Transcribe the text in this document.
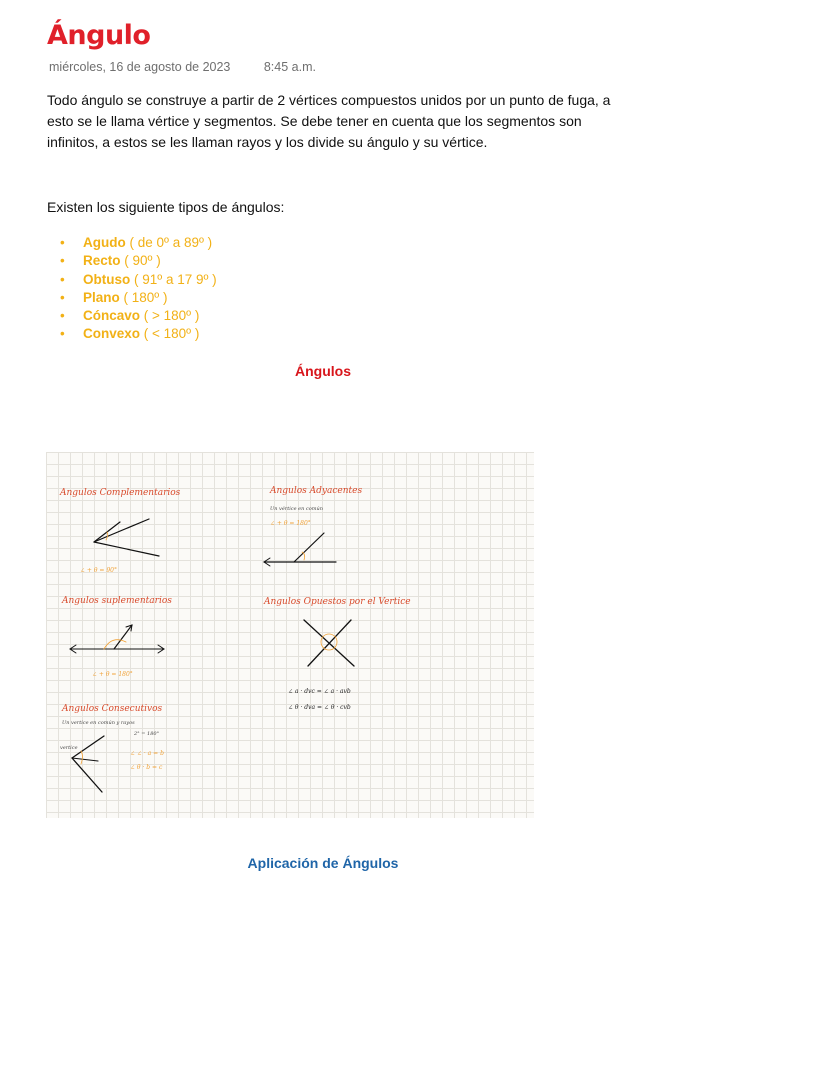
Ángulo
miércoles, 16 de agosto de 2023	8:45 a.m.

Todo ángulo se construye a partir de 2 vértices compuestos unidos por un punto de fuga, a esto se le llama vértice y segmentos. Se debe tener en cuenta que los segmentos son infinitos, a estos se les llaman rayos y los divide su ángulo y su vértice.

Existen los siguiente tipos de ángulos:
• Agudo ( de 0º a 89º )
• Recto ( 90º )
• Obtuso ( 91º a 17 9º )
• Plano ( 180º )
• Cóncavo ( > 180º )
• Convexo ( < 180º )
Ángulos
Angulos Complementarios
∠ + θ = 90°
Angulos Adyacentes
Un vértice en común
∠ + θ = 180°
Angulos suplementarios
∠ + θ = 180°
Angulos Opuestos por el Vertice
∠ a · dvc = ∠ a · avb
∠ θ · dva = ∠ θ · cvb
Angulos Consecutivos
Un vertice en común y rayos
2° = 180°
vertice
∠ ∠ · a = b
∠ θ · b = c
Aplicación de Ángulos
